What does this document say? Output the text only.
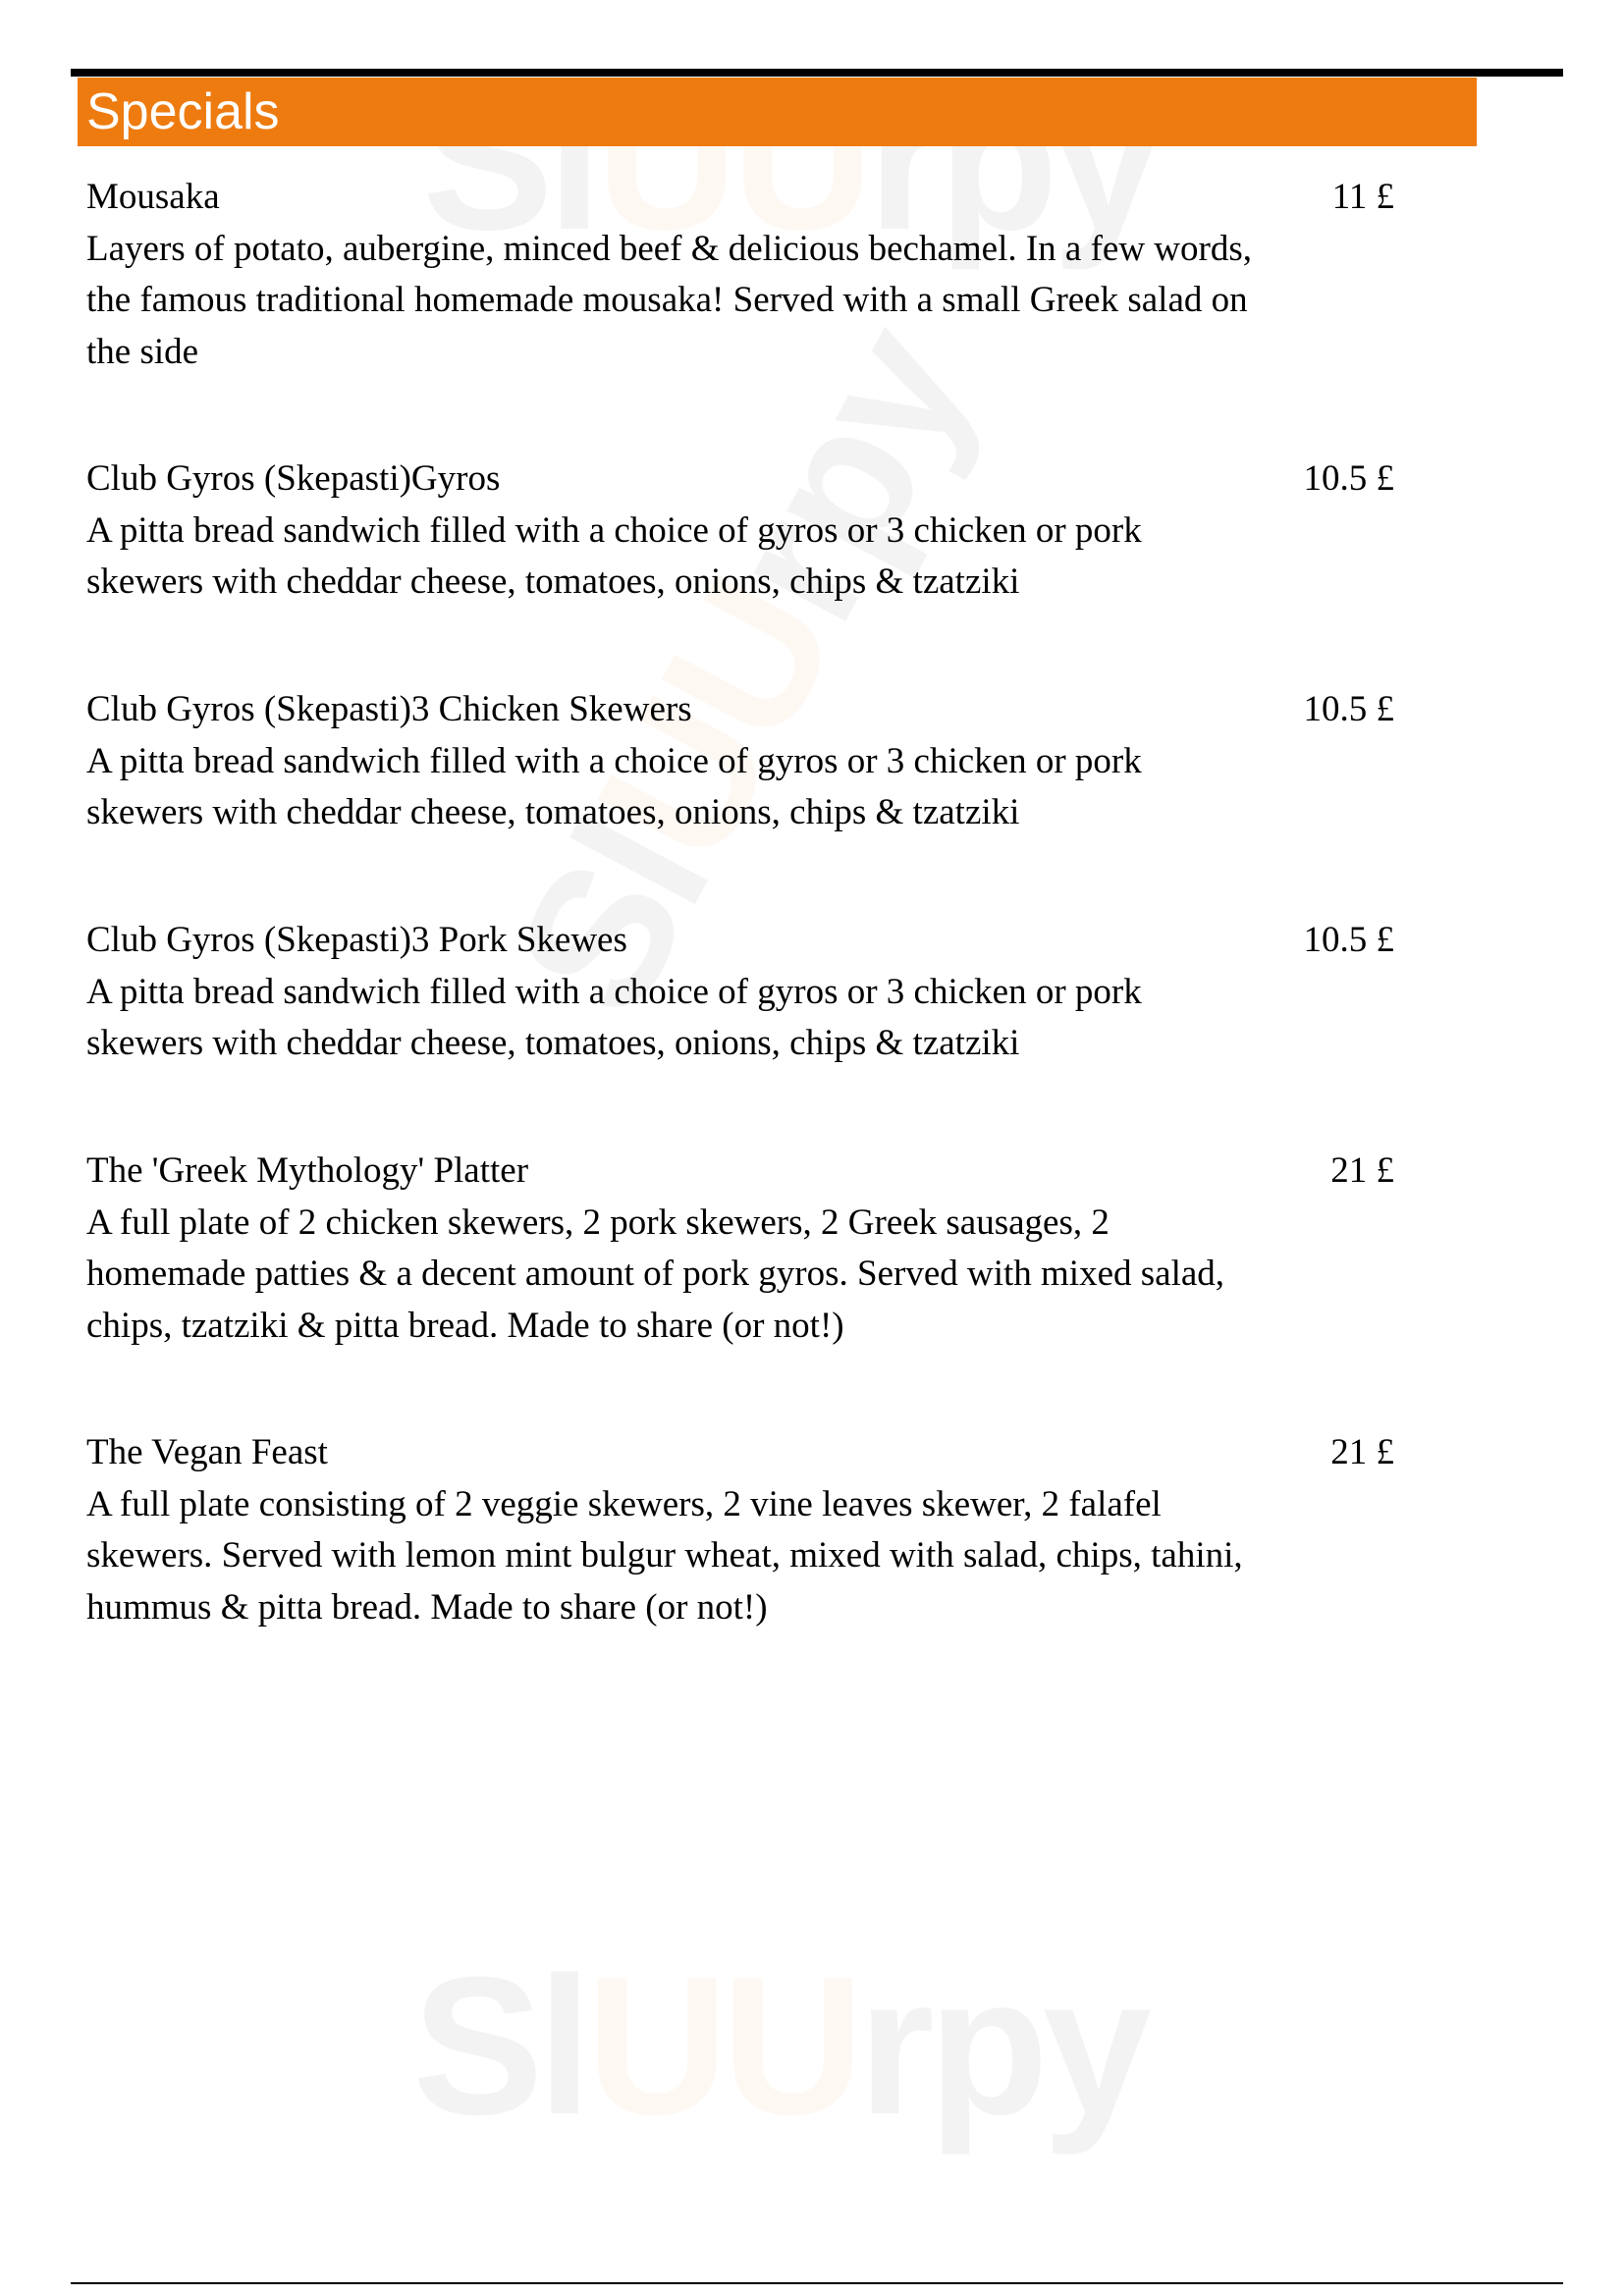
Specials
Mousaka
Layers of potato, aubergine, minced beef & delicious bechamel. In a few words, the famous traditional homemade mousaka! Served with a small Greek salad on the side
11 £
Club Gyros (Skepasti)Gyros
A pitta bread sandwich filled with a choice of gyros or 3 chicken or pork skewers with cheddar cheese, tomatoes, onions, chips & tzatziki
10.5 £
Club Gyros (Skepasti)3 Chicken Skewers
A pitta bread sandwich filled with a choice of gyros or 3 chicken or pork skewers with cheddar cheese, tomatoes, onions, chips & tzatziki
10.5 £
Club Gyros (Skepasti)3 Pork Skewes
A pitta bread sandwich filled with a choice of gyros or 3 chicken or pork skewers with cheddar cheese, tomatoes, onions, chips & tzatziki
10.5 £
The 'Greek Mythology' Platter
A full plate of 2 chicken skewers, 2 pork skewers, 2 Greek sausages, 2 homemade patties & a decent amount of pork gyros. Served with mixed salad, chips, tzatziki & pitta bread. Made to share (or not!)
21 £
The Vegan Feast
A full plate consisting of 2 veggie skewers, 2 vine leaves skewer, 2 falafel skewers. Served with lemon mint bulgur wheat, mixed with salad, chips, tahini, hummus & pitta bread. Made to share (or not!)
21 £
